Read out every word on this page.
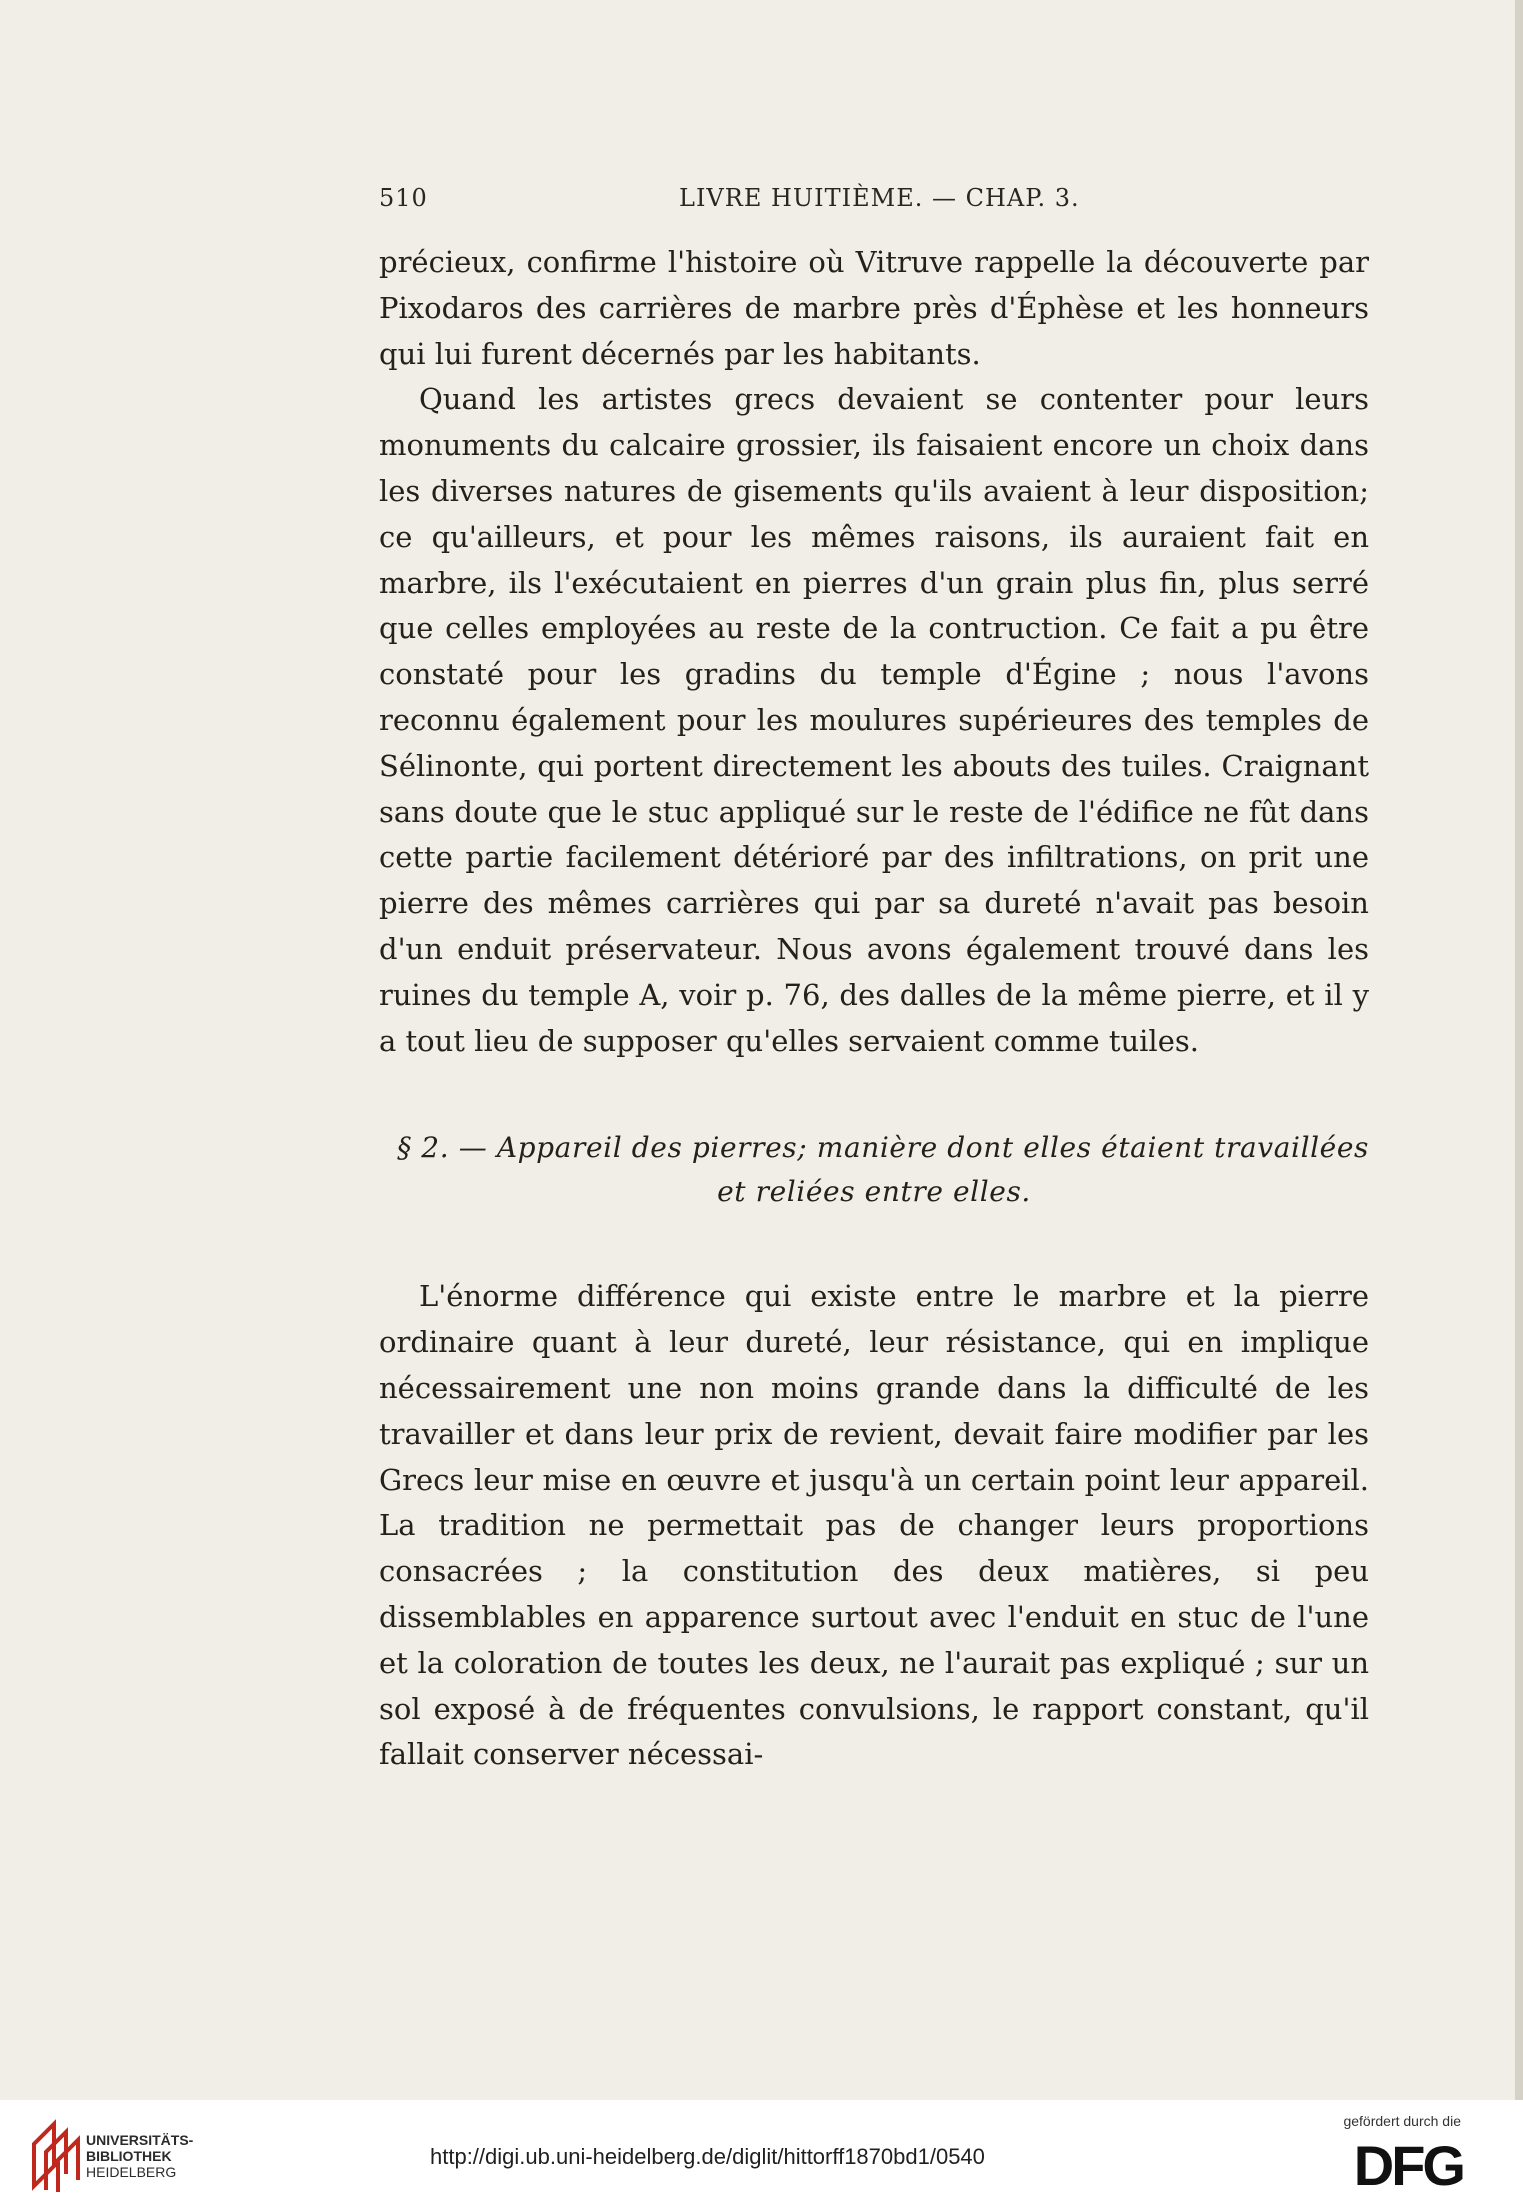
510	LIVRE HUITIÈME. — CHAP. 3.

précieux, confirme l'histoire où Vitruve rappelle la découverte par Pixodaros des carrières de marbre près d'Éphèse et les honneurs qui lui furent décernés par les habitants.

Quand les artistes grecs devaient se contenter pour leurs monuments du calcaire grossier, ils faisaient encore un choix dans les diverses natures de gisements qu'ils avaient à leur disposition; ce qu'ailleurs, et pour les mêmes raisons, ils auraient fait en marbre, ils l'exécutaient en pierres d'un grain plus fin, plus serré que celles employées au reste de la contruction. Ce fait a pu être constaté pour les gradins du temple d'Égine ; nous l'avons reconnu également pour les moulures supérieures des temples de Sélinonte, qui portent directement les abouts des tuiles. Craignant sans doute que le stuc appliqué sur le reste de l'édifice ne fût dans cette partie facilement détérioré par des infiltrations, on prit une pierre des mêmes carrières qui par sa dureté n'avait pas besoin d'un enduit préservateur. Nous avons également trouvé dans les ruines du temple A, voir p. 76, des dalles de la même pierre, et il y a tout lieu de supposer qu'elles servaient comme tuiles.

§ 2. — Appareil des pierres; manière dont elles étaient travaillées
et reliées entre elles.

L'énorme différence qui existe entre le marbre et la pierre ordinaire quant à leur dureté, leur résistance, qui en implique nécessairement une non moins grande dans la difficulté de les travailler et dans leur prix de revient, devait faire modifier par les Grecs leur mise en œuvre et jusqu'à un certain point leur appareil. La tradition ne permettait pas de changer leurs proportions consacrées ; la constitution des deux matières, si peu dissemblables en apparence surtout avec l'enduit en stuc de l'une et la coloration de toutes les deux, ne l'aurait pas expliqué ; sur un sol exposé à de fréquentes convulsions, le rapport constant, qu'il fallait conserver nécessai-

UNIVERSITÄTS-
BIBLIOTHEK
HEIDELBERG
http://digi.ub.uni-heidelberg.de/diglit/hittorff1870bd1/0540
gefördert durch die
DFG
